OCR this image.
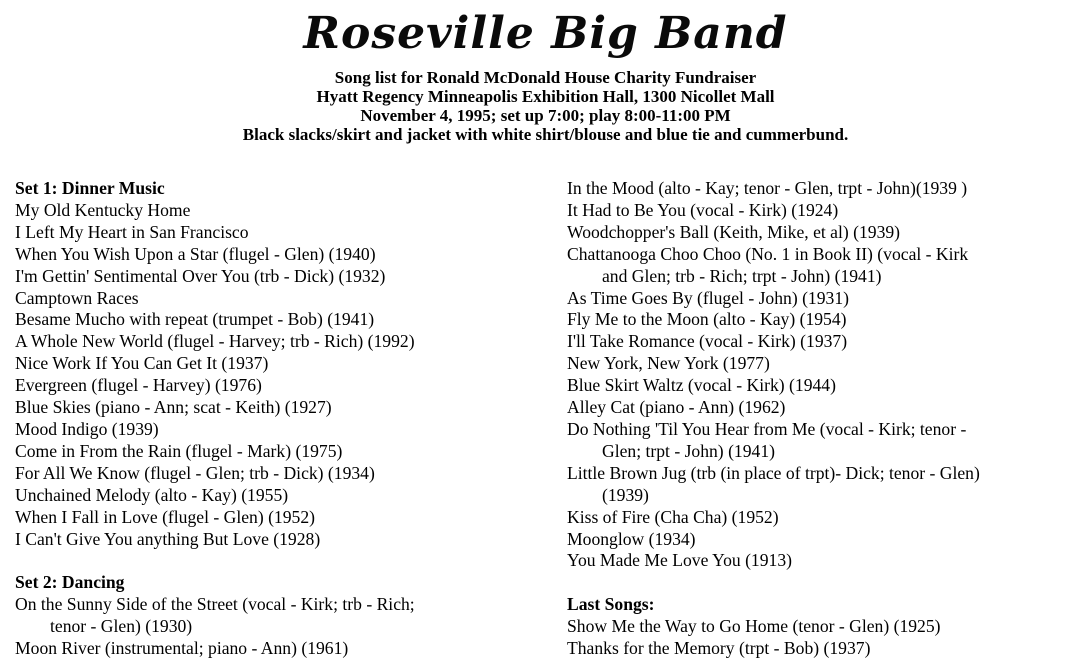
Roseville Big Band
Song list for Ronald McDonald House Charity Fundraiser
Hyatt Regency Minneapolis Exhibition Hall, 1300 Nicollet Mall
November 4, 1995; set up 7:00; play 8:00-11:00 PM
Black slacks/skirt and jacket with white shirt/blouse and blue tie and cummerbund.
Set 1: Dinner Music
My Old Kentucky Home
I Left My Heart in San Francisco
When You Wish Upon a Star (flugel - Glen) (1940)
I'm Gettin' Sentimental Over You (trb - Dick) (1932)
Camptown Races
Besame Mucho with repeat (trumpet - Bob) (1941)
A Whole New World (flugel - Harvey; trb - Rich) (1992)
Nice Work If You Can Get It (1937)
Evergreen (flugel - Harvey) (1976)
Blue Skies (piano - Ann; scat - Keith) (1927)
Mood Indigo (1939)
Come in From the Rain (flugel - Mark) (1975)
For All We Know (flugel - Glen; trb - Dick) (1934)
Unchained Melody (alto - Kay) (1955)
When I Fall in Love (flugel - Glen) (1952)
I Can't Give You anything But Love (1928)
Set 2: Dancing
On the Sunny Side of the Street (vocal - Kirk; trb - Rich;
tenor - Glen) (1930)
Moon River (instrumental; piano - Ann) (1961)
In the Mood (alto - Kay; tenor - Glen, trpt - John)(1939 )
It Had to Be You (vocal - Kirk) (1924)
Woodchopper's Ball (Keith, Mike, et al) (1939)
Chattanooga Choo Choo (No. 1 in Book II) (vocal - Kirk
and Glen; trb - Rich; trpt - John) (1941)
As Time Goes By (flugel - John) (1931)
Fly Me to the Moon (alto - Kay) (1954)
I'll Take Romance (vocal - Kirk) (1937)
New York, New York (1977)
Blue Skirt Waltz (vocal - Kirk) (1944)
Alley Cat (piano - Ann) (1962)
Do Nothing 'Til You Hear from Me (vocal - Kirk; tenor -
Glen; trpt - John) (1941)
Little Brown Jug (trb (in place of trpt)- Dick; tenor - Glen)
(1939)
Kiss of Fire (Cha Cha) (1952)
Moonglow (1934)
You Made Me Love You (1913)
Last Songs:
Show Me the Way to Go Home (tenor - Glen) (1925)
Thanks for the Memory (trpt - Bob) (1937)
